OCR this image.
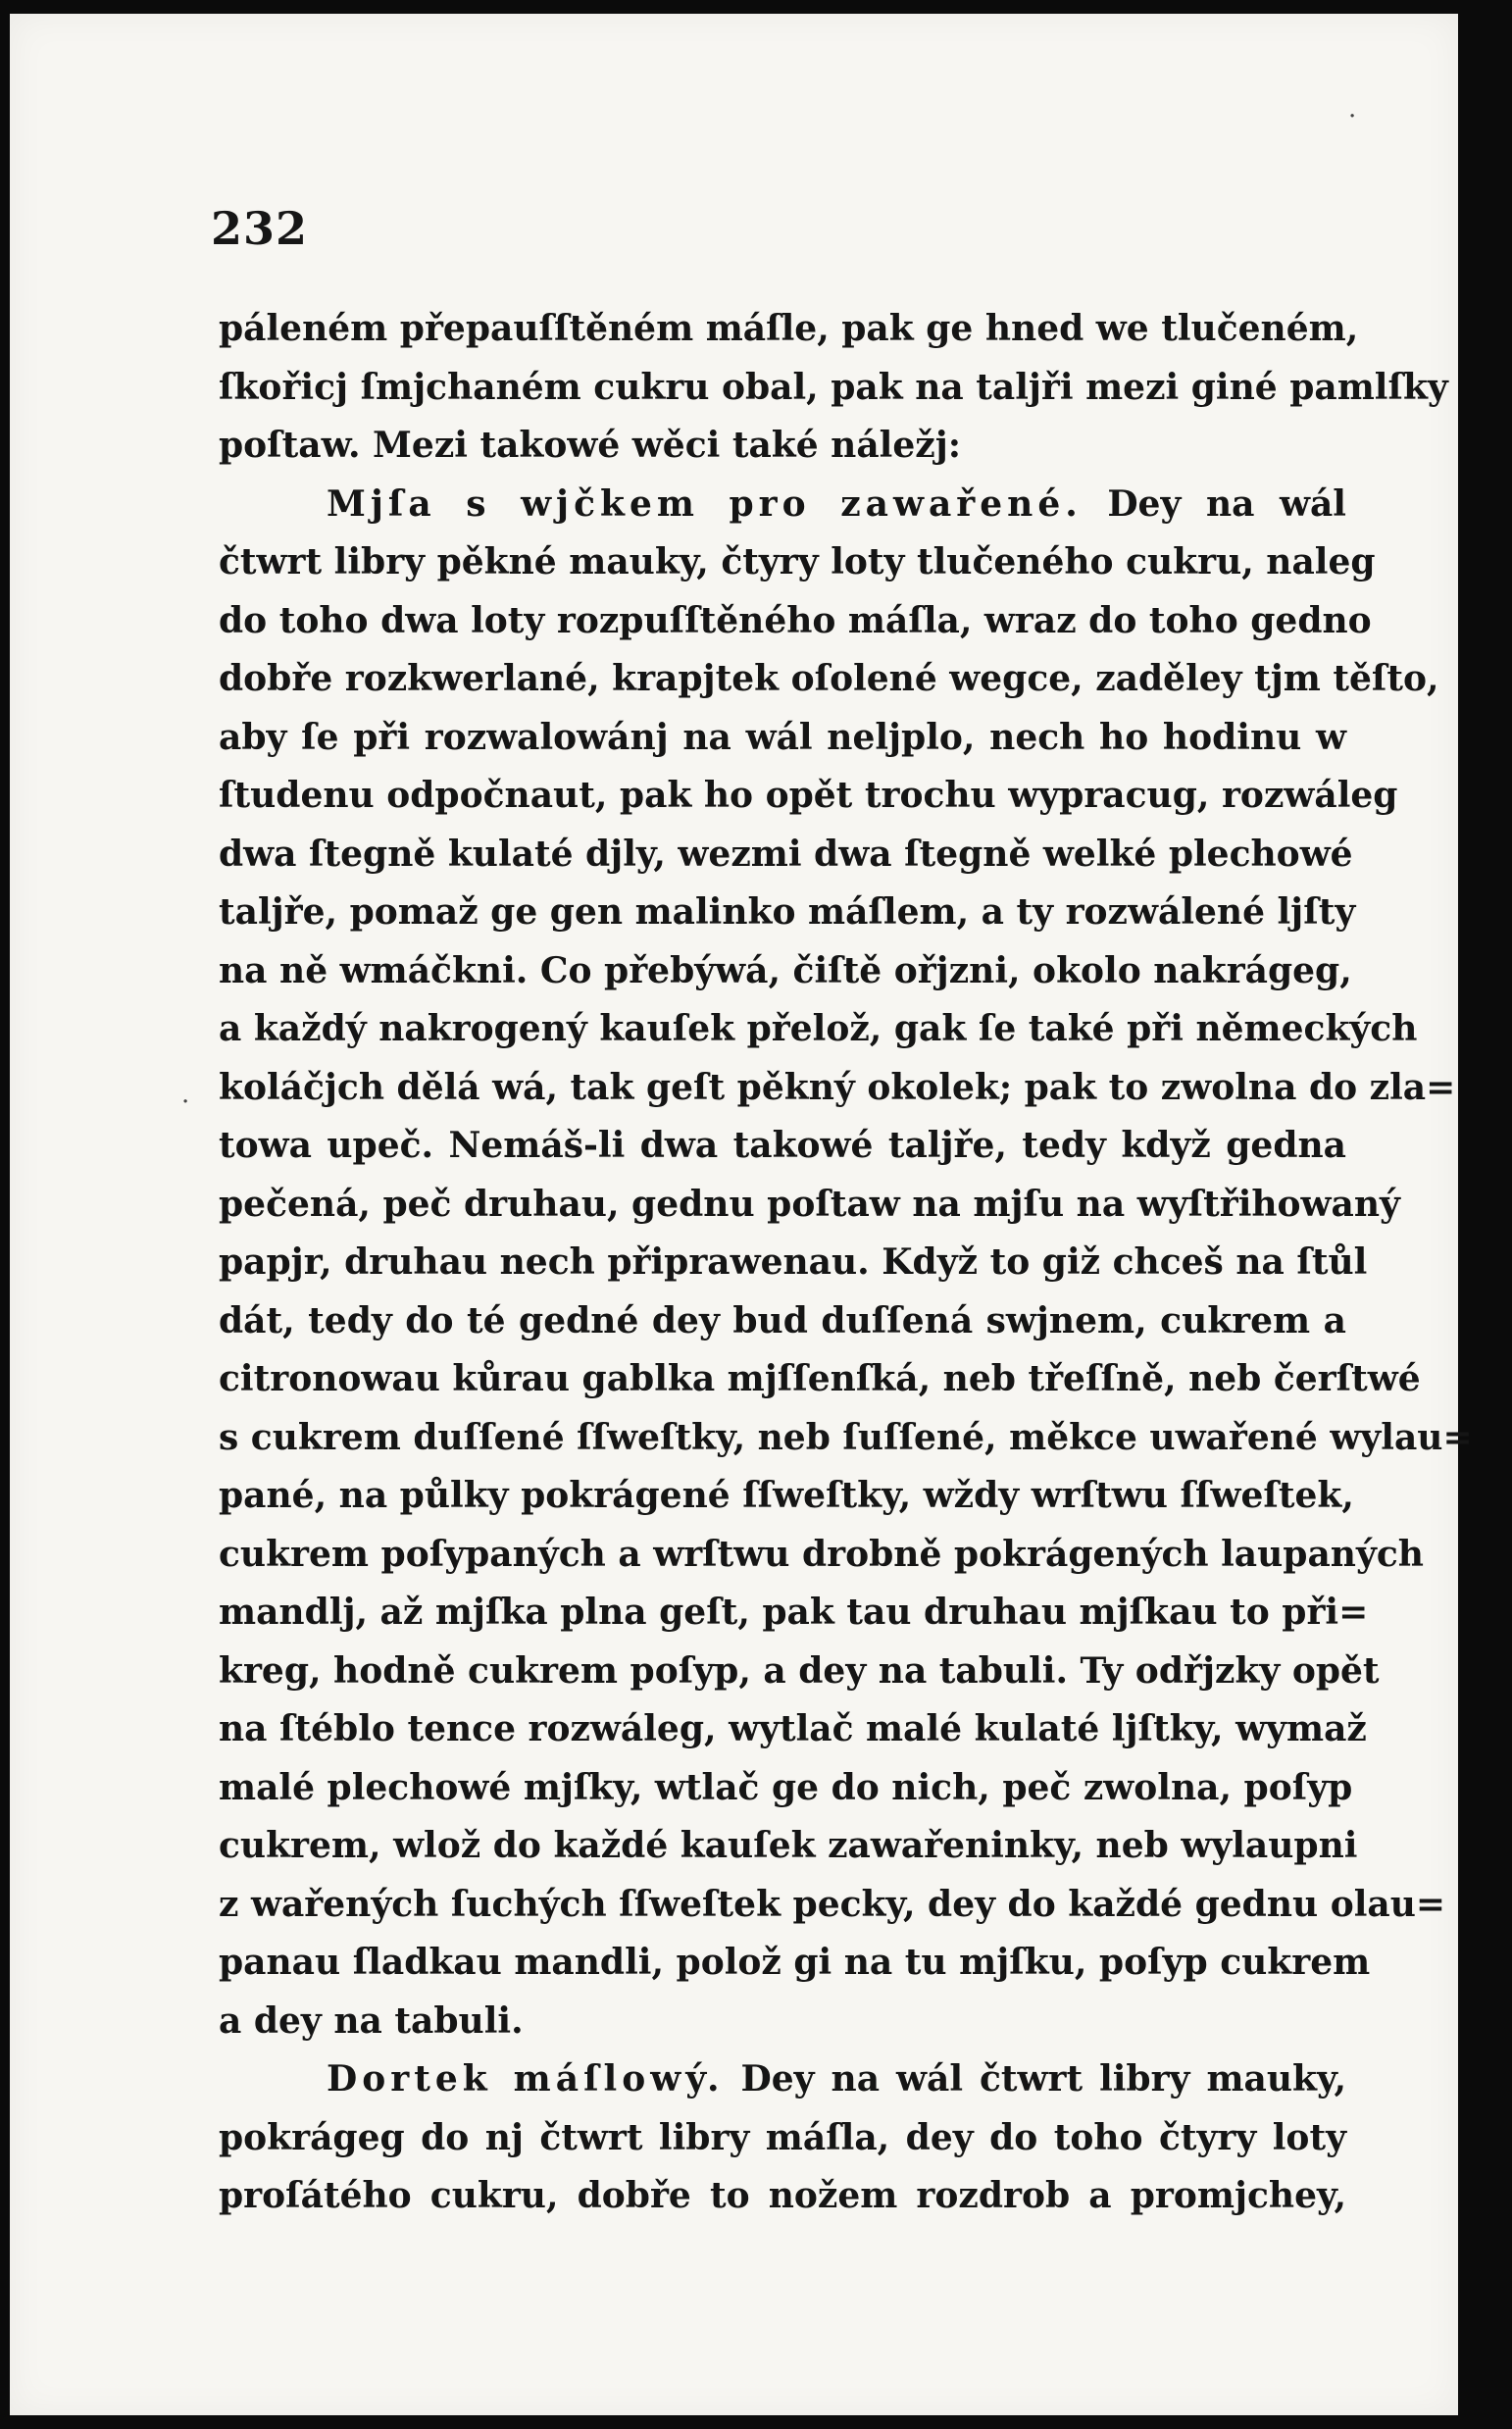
232
páleném přepauſſtěném máſle, pak ge hned we tlučeném,
ſkořicj ſmjchaném cukru obal, pak na taljři mezi giné pamlſky
poſtaw. Mezi takowé wěci také náležj:
Mjſa s wjčkem pro zawařené. Dey na wál
čtwrt libry pěkné mauky, čtyry loty tlučeného cukru, naleg
do toho dwa loty rozpuſſtěného máſla, wraz do toho gedno
dobře rozkwerlané, krapjtek oſolené wegce, zaděley tjm těſto,
aby ſe při rozwalowánj na wál neljplo, nech ho hodinu w
ſtudenu odpočnaut, pak ho opět trochu wypracug, rozwáleg
dwa ſtegně kulaté djly, wezmi dwa ſtegně welké plechowé
taljře, pomaž ge gen malinko máſlem, a ty rozwálené ljſty
na ně wmáčkni. Co přebýwá, čiſtě ořjzni, okolo nakrágeg,
a každý nakrogený kauſek přelož, gak ſe také při německých
koláčjch dělá wá, tak geſt pěkný okolek; pak to zwolna do zla=
towa upeč. Nemáš-li dwa takowé taljře, tedy když gedna
pečená, peč druhau, gednu poſtaw na mjſu na wyſtřihowaný
papjr, druhau nech připrawenau. Když to giž chceš na ſtůl
dát, tedy do té gedné dey bud duſſená swjnem, cukrem a
citronowau kůrau gablka mjſſenſká, neb třeſſně, neb čerſtwé
s cukrem duſſené ſſweſtky, neb ſuſſené, měkce uwařené wylau=
pané, na půlky pokrágené ſſweſtky, wždy wrſtwu ſſweſtek,
cukrem poſypaných a wrſtwu drobně pokrágených laupaných
mandlj, až mjſka plna geſt, pak tau druhau mjſkau to při=
kreg, hodně cukrem poſyp, a dey na tabuli. Ty odřjzky opět
na ſtéblo tence rozwáleg, wytlač malé kulaté ljſtky, wymaž
malé plechowé mjſky, wtlač ge do nich, peč zwolna, poſyp
cukrem, wlož do každé kauſek zawařeninky, neb wylaupni
z wařených ſuchých ſſweſtek pecky, dey do každé gednu olau=
panau ſladkau mandli, polož gi na tu mjſku, poſyp cukrem
a dey na tabuli.
Dortek máſlowý. Dey na wál čtwrt libry mauky,
pokrágeg do nj čtwrt libry máſla, dey do toho čtyry loty
proſátého cukru, dobře to nožem rozdrob a promjchey,
·
·
